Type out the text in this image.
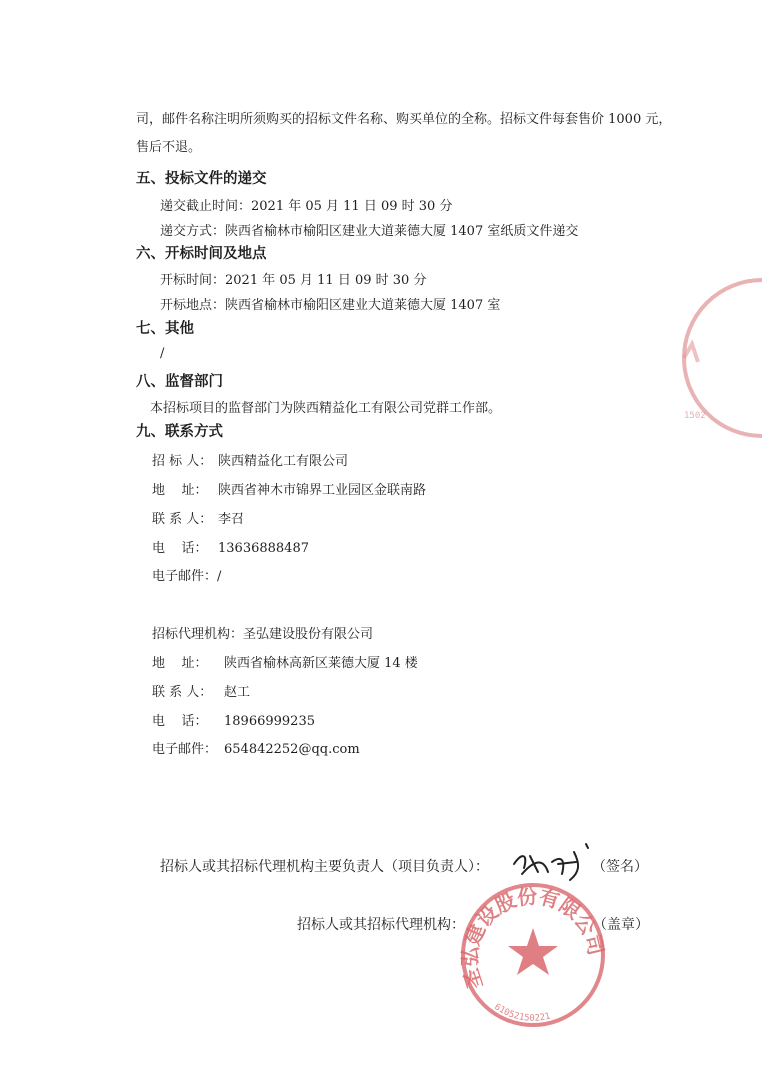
司，邮件名称注明所须购买的招标文件名称、购买单位的全称。招标文件每套售价 1000 元，
售后不退。
五、投标文件的递交
递交截止时间：2021 年 05 月 11 日 09 时 30 分
递交方式：陕西省榆林市榆阳区建业大道莱德大厦 1407 室纸质文件递交
六、开标时间及地点
开标时间：2021 年 05 月 11 日 09 时 30 分
开标地点：陕西省榆林市榆阳区建业大道莱德大厦 1407 室
七、其他
/
八、监督部门
本招标项目的监督部门为陕西精益化工有限公司党群工作部。
九、联系方式
招 标 人： 陕西精益化工有限公司
地    址： 陕西省神木市锦界工业园区金联南路
联 系 人： 李召
电    话： 13636888487
电子邮件：/
招标代理机构：圣弘建设股份有限公司
地    址： 陕西省榆林高新区莱德大厦 14 楼
联 系 人： 赵工
电    话： 18966999235
电子邮件： 654842252@qq.com
招标人或其招标代理机构主要负责人（项目负责人）：	（签名）
招标人或其招标代理机构：	（盖章）
1502
圣弘建设股份有限公司
61052150221
